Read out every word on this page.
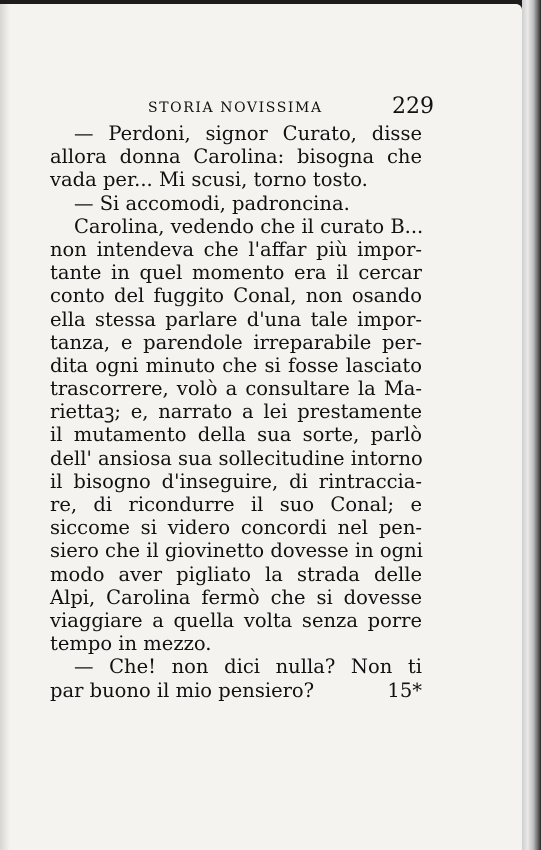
STORIA NOVISSIMA	229
— Perdoni, signor Curato, disse
allora donna Carolina: bisogna che
vada per... Mi scusi, torno tosto.
— Si accomodi, padroncina.
Carolina, vedendo che il curato B...
non intendeva che l'affar più impor-
tante in quel momento era il cercar
conto del fuggito Conal, non osando
ella stessa parlare d'una tale impor-
tanza, e parendole irreparabile per-
dita ogni minuto che si fosse lasciato
trascorrere, volò a consultare la Ma-
riettaꝫ; e, narrato a lei prestamente
il mutamento della sua sorte, parlò
dell' ansiosa sua sollecitudine intorno
il bisogno d'inseguire, di rintraccia-
re, di ricondurre il suo Conal; e
siccome si videro concordi nel pen-
siero che il giovinetto dovesse in ogni
modo aver pigliato la strada delle
Alpi, Carolina fermò che si dovesse
viaggiare a quella volta senza porre
tempo in mezzo.
— Che! non dici nulla? Non ti
par buono il mio pensiero?	15*
